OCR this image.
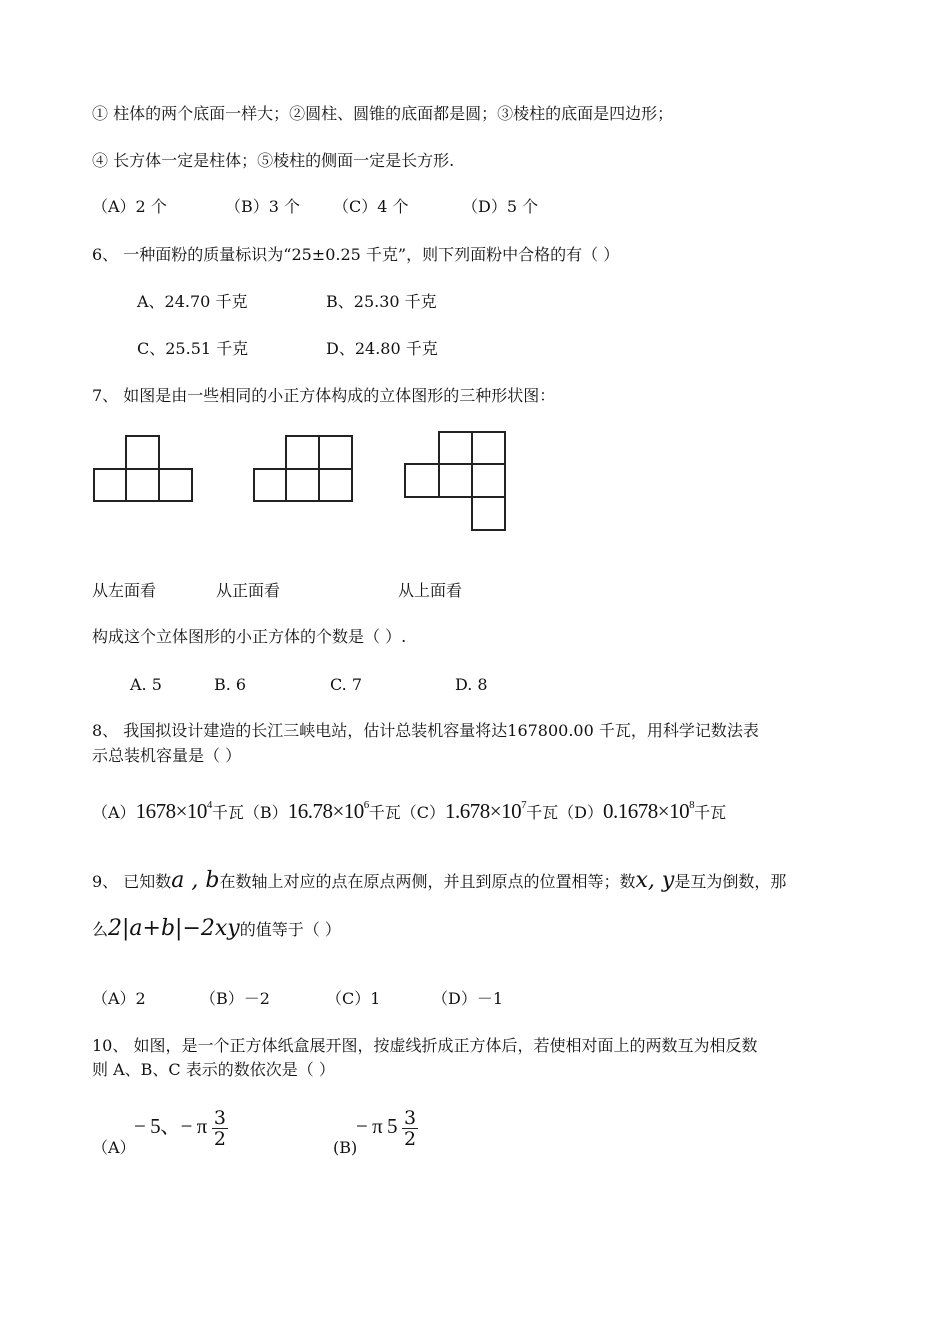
① 柱体的两个底面一样大；②圆柱、圆锥的底面都是圆；③棱柱的底面是四边形；
④ 长方体一定是柱体；⑤棱柱的侧面一定是长方形.
（A）2 个	（B）3 个 （C）4 个	（D）5 个
6、 一种面粉的质量标识为“25±0.25 千克”，则下列面粉中合格的有（ ）
A、24.70 千克	B、25.30 千克
C、25.51 千克	D、24.80 千克
7、 如图是由一些相同的小正方体构成的立体图形的三种形状图：
从左面看	从正面看	从上面看
构成这个立体图形的小正方体的个数是（ ）.
A. 5	B. 6	C. 7	D. 8
8、 我国拟设计建造的长江三峡电站，估计总装机容量将达167800.00 千瓦，用科学记数法表
示总装机容量是（ ）
$(A)1678\times 10^4$千瓦$(B)16.78\times 10^6$千瓦$(C)1.678\times 10^7$千瓦$(D)0.1678\times 10^8$千瓦
9、 已知数a , b在数轴上对应的点在原点两侧，并且到原点的位置相等；数x, y是互为倒数，那
么2|a+b|−2xy的值等于（ ）
（A）2	（B）－2	（C）1	（D）－1
10、 如图，是一个正方体纸盒展开图，按虚线折成正方体后，若使相对面上的两数互为相反数
则 A、B、C 表示的数依次是（ ）
（A）
− 5、− π $\frac{3}{2}$	(B)
− π $5 \frac{3}{2}$
